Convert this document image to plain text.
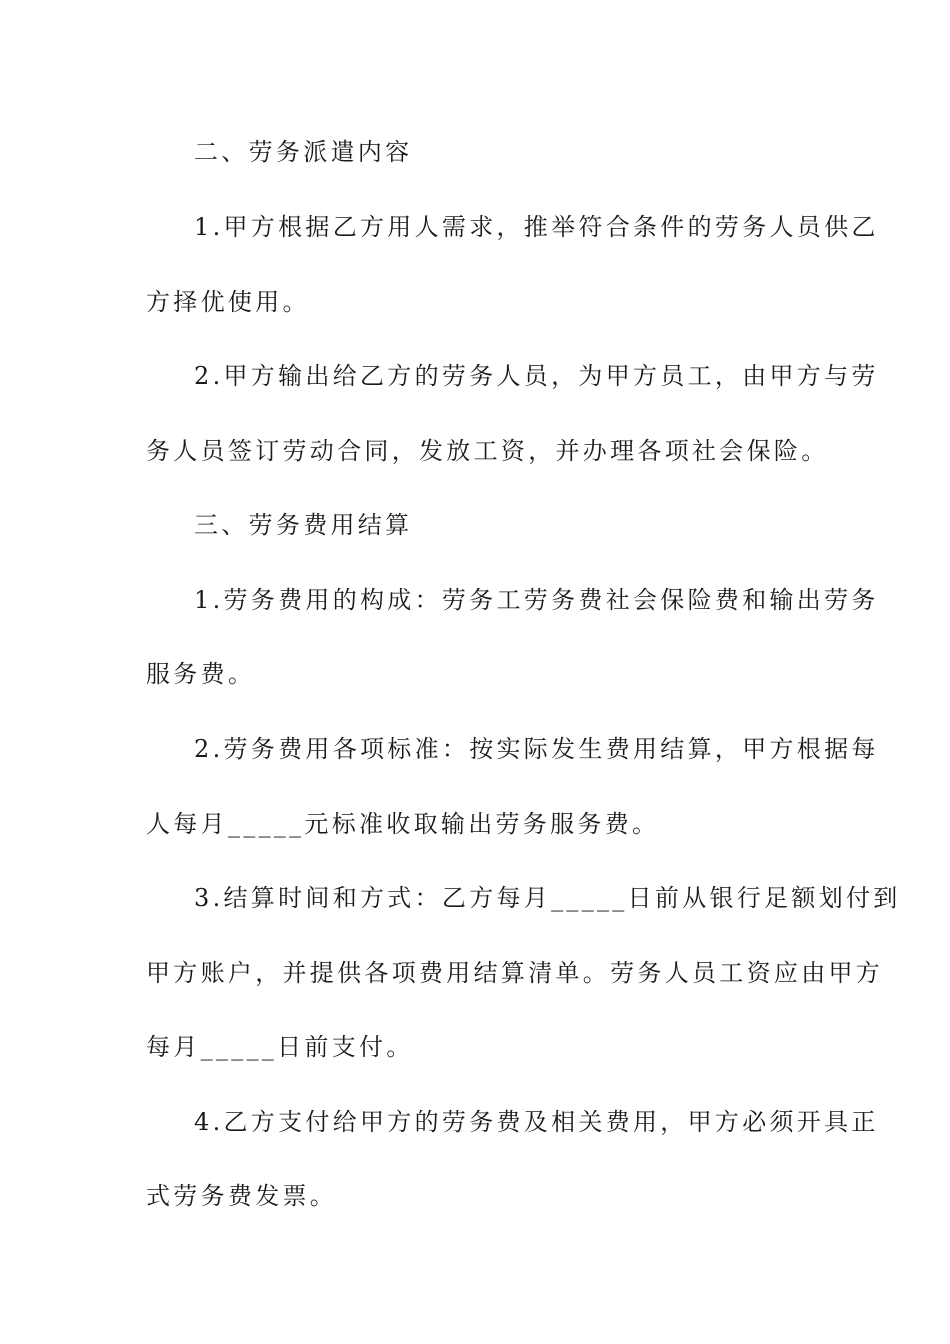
二、劳务派遣内容
1.甲方根据乙方用人需求，推举符合条件的劳务人员供乙
方择优使用。
2.甲方输出给乙方的劳务人员，为甲方员工，由甲方与劳
务人员签订劳动合同，发放工资，并办理各项社会保险。
三、劳务费用结算
1.劳务费用的构成：劳务工劳务费社会保险费和输出劳务
服务费。
2.劳务费用各项标准：按实际发生费用结算，甲方根据每
人每月_____元标准收取输出劳务服务费。
3.结算时间和方式：乙方每月_____日前从银行足额划付到
甲方账户，并提供各项费用结算清单。劳务人员工资应由甲方
每月_____日前支付。
4.乙方支付给甲方的劳务费及相关费用，甲方必须开具正
式劳务费发票。
